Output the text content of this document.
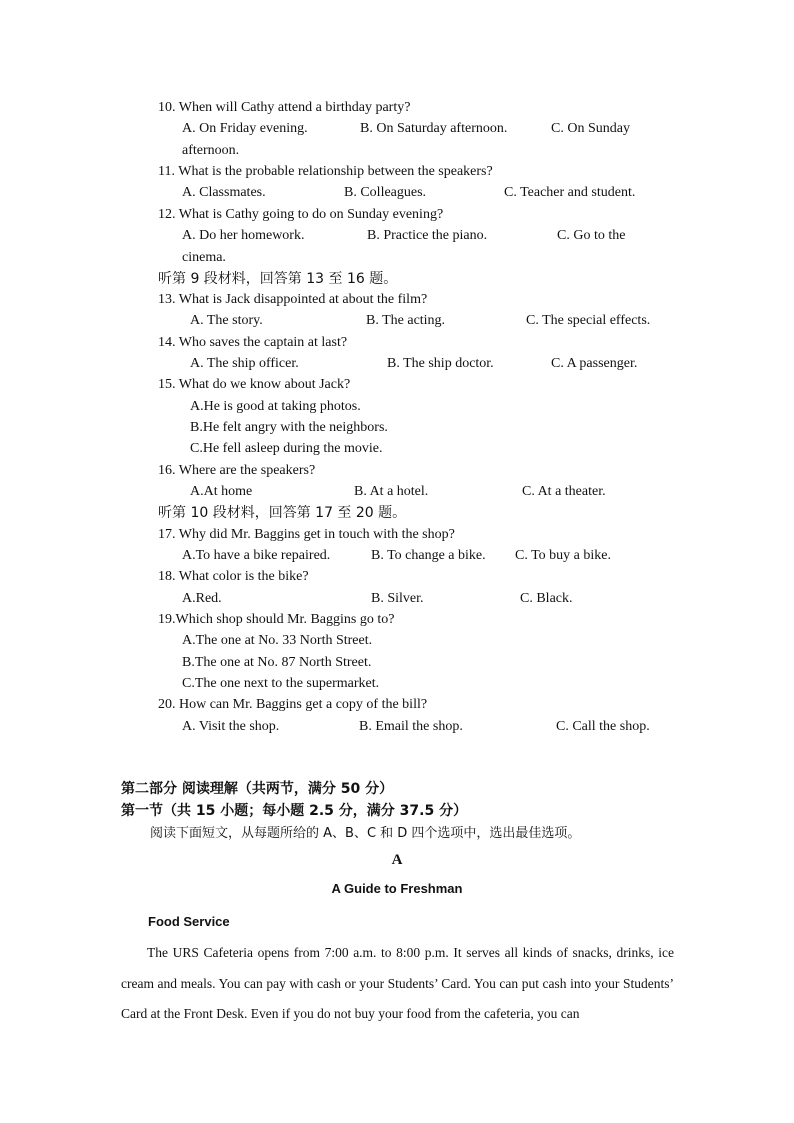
10. When will Cathy attend a birthday party?
A. On Friday evening.	B. On Saturday afternoon.	C. On Sunday
afternoon.
11. What is the probable relationship between the speakers?
A. Classmates.	B. Colleagues.	C. Teacher and student.
12. What is Cathy going to do on Sunday evening?
A. Do her homework.	B. Practice the piano.	C. Go to the
cinema.
听第 9 段材料，回答第 13 至 16 题。
13. What is Jack disappointed at about the film?
A. The story.	B. The acting.	C. The special effects.
14. Who saves the captain at last?
A. The ship officer.	B. The ship doctor.	C. A passenger.
15. What do we know about Jack?
A.He is good at taking photos.
B.He felt angry with the neighbors.
C.He fell asleep during the movie.
16. Where are the speakers?
A.At home	B. At a hotel.	C. At a theater.
听第 10 段材料，回答第 17 至 20 题。
17. Why did Mr. Baggins get in touch with the shop?
A.To have a bike repaired.	B. To change a bike. C. To buy a bike.
18. What color is the bike?
A.Red.	B. Silver.	C. Black.
19.Which shop should Mr. Baggins go to?
A.The one at No. 33 North Street.
B.The one at No. 87 North Street.
C.The one next to the supermarket.
20. How can Mr. Baggins get a copy of the bill?
A. Visit the shop.	B. Email the shop.	C. Call the shop.
第二部分 阅读理解（共两节，满分 50 分）
第一节（共 15 小题；每小题 2.5 分，满分 37.5 分）
阅读下面短文，从每题所给的 A、B、C 和 D 四个选项中，选出最佳选项。
A
A Guide to Freshman
Food Service
The URS Cafeteria opens from 7:00 a.m. to 8:00 p.m. It serves all kinds of snacks, drinks, ice cream and meals. You can pay with cash or your Students’ Card. You can put cash into your Students’ Card at the Front Desk. Even if you do not buy your food from the cafeteria, you can
